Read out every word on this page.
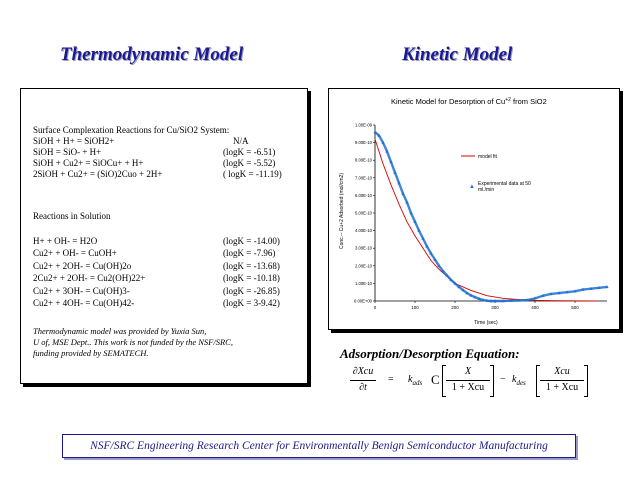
Thermodynamic Model	Kinetic Model
Surface Complexation Reactions for Cu/SiO2 System:
SiOH + H+ = SiOH2+	N/A
SiOH = SiO- + H+	(logK = -6.51)
SiOH + Cu2+ = SiOCu+ + H+	(logK = -5.52)
2SiOH + Cu2+ = (SiO)2Cuo + 2H+	( logK = -11.19)
Reactions in Solution
H+ + OH- = H2O	(logK = -14.00)
Cu2+ + OH- = CuOH+	(logK = -7.96)
Cu2+ + 2OH- = Cu(OH)2o	(logK = -13.68)
2Cu2+ + 2OH- = Cu2(OH)22+	(logK = -10.18)
Cu2+ + 3OH- = Cu(OH)3-	(logK = -26.85)
Cu2+ + 4OH- = Cu(OH)42-	(logK = 3-9.42)
Thermodynamic model was provided by Yuxia Sun,
U of, MSE Dept.. This work is not funded by the NSF/SRC,
funding provided by SEMATECH.
Kinetic Model for Desorption of $Cu^{+2}$ from SiO2
Conc.-- Cu+2 Adsorbed (mol/cm2)
Time (sec)
0.00E+00
1.00E-10
2.00E-10
3.00E-10
4.00E-10
5.00E-10
6.00E-10
7.00E-10
8.00E-10
9.00E-10
1.00E-09
0	100	200	300	400	500
model fit
▲ Experimental data at 50 ml./min
Adsorption/Desorption Equation:
∂Xcu
∂t
= $k_{ads}$ C
X
1 + Xcu
− $k_{des}$
Xcu
1 + Xcu
NSF/SRC Engineering Research Center for Environmentally Benign Semiconductor Manufacturing
